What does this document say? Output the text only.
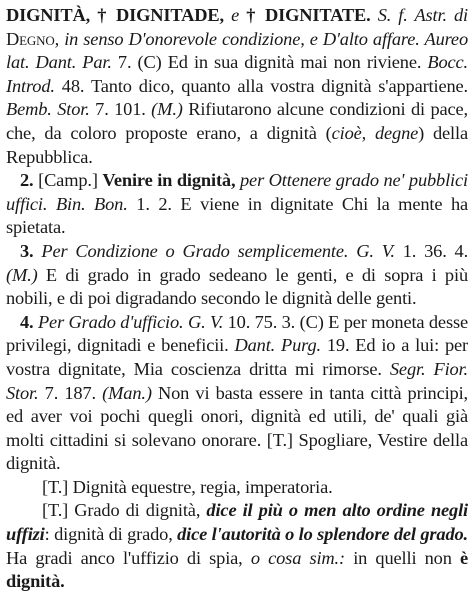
DIGNITÀ, † DIGNITADE, e † DIGNITATE. S. f. Astr. di Degno, in senso D'onorevole condizione, e D'alto affare. Aureo lat. Dant. Par. 7. (C) Ed in sua dignità mai non riviene. Bocc. Introd. 48. Tanto dico, quanto alla vostra dignità s'appartiene. Bemb. Stor. 7. 101. (M.) Rifiutarono alcune condizioni di pace, che, da coloro proposte erano, a dignità (cioè, degne) della Repubblica.

2. [Camp.] Venire in dignità, per Ottenere grado ne' pubblici uffici. Bin. Bon. 1. 2. E viene in dignitate Chi la mente ha spietata.

3. Per Condizione o Grado semplicemente. G. V. 1. 36. 4. (M.) E di grado in grado sedeano le genti, e di sopra i più nobili, e di poi digradando secondo le dignità delle genti.

4. Per Grado d'ufficio. G. V. 10. 75. 3. (C) E per moneta desse privilegi, dignitadi e beneficii. Dant. Purg. 19. Ed io a lui: per vostra dignitate, Mia coscienza dritta mi rimorse. Segr. Fior. Stor. 7. 187. (Man.) Non vi basta essere in tanta città principi, ed aver voi pochi quegli onori, dignità ed utili, de' quali già molti cittadini si solevano onorare. [T.] Spogliare, Vestire della dignità.

[T.] Dignità equestre, regia, imperatoria.

[T.] Grado di dignità, dice il più o men alto ordine negli uffizi: dignità di grado, dice l'autorità o lo splendore del grado. Ha gradi anco l'uffizio di spia, o cosa sim.: in quelli non è dignità.
